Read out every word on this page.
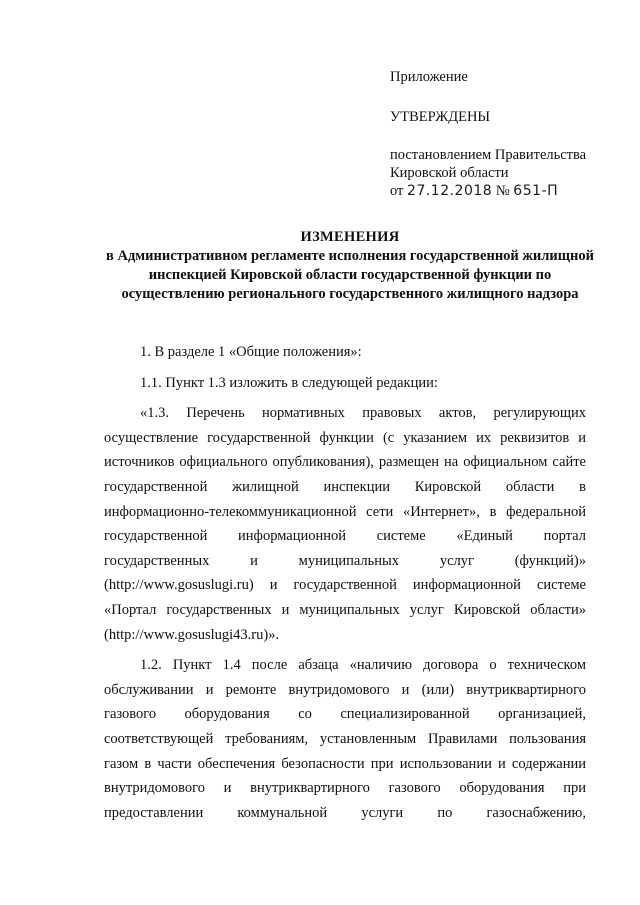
Приложение

УТВЕРЖДЕНЫ

постановлением Правительства

Кировской области

от 27.12.2018 № 651-П

ИЗМЕНЕНИЯ
в Административном регламенте исполнения государственной жилищной инспекцией Кировской области государственной функции по осуществлению регионального государственного жилищного надзора

1. В разделе 1 «Общие положения»:

1.1. Пункт 1.3 изложить в следующей редакции:

«1.3. Перечень нормативных правовых актов, регулирующих осуществление государственной функции (с указанием их реквизитов и источников официального опубликования), размещен на официальном сайте государственной жилищной инспекции Кировской области в информационно-телекоммуникационной сети «Интернет», в федеральной государственной информационной системе «Единый портал государственных и муниципальных услуг (функций)» (http://www.gosuslugi.ru) и государственной информационной системе «Портал государственных и муниципальных услуг Кировской области» (http://www.gosuslugi43.ru)».

1.2. Пункт 1.4 после абзаца «наличию договора о техническом обслуживании и ремонте внутридомового и (или) внутриквартирного газового оборудования со специализированной организацией, соответствующей требованиям, установленным Правилами пользования газом в части обеспечения безопасности при использовании и содержании внутридомового и внутриквартирного газового оборудования при предоставлении коммунальной услуги по газоснабжению,
